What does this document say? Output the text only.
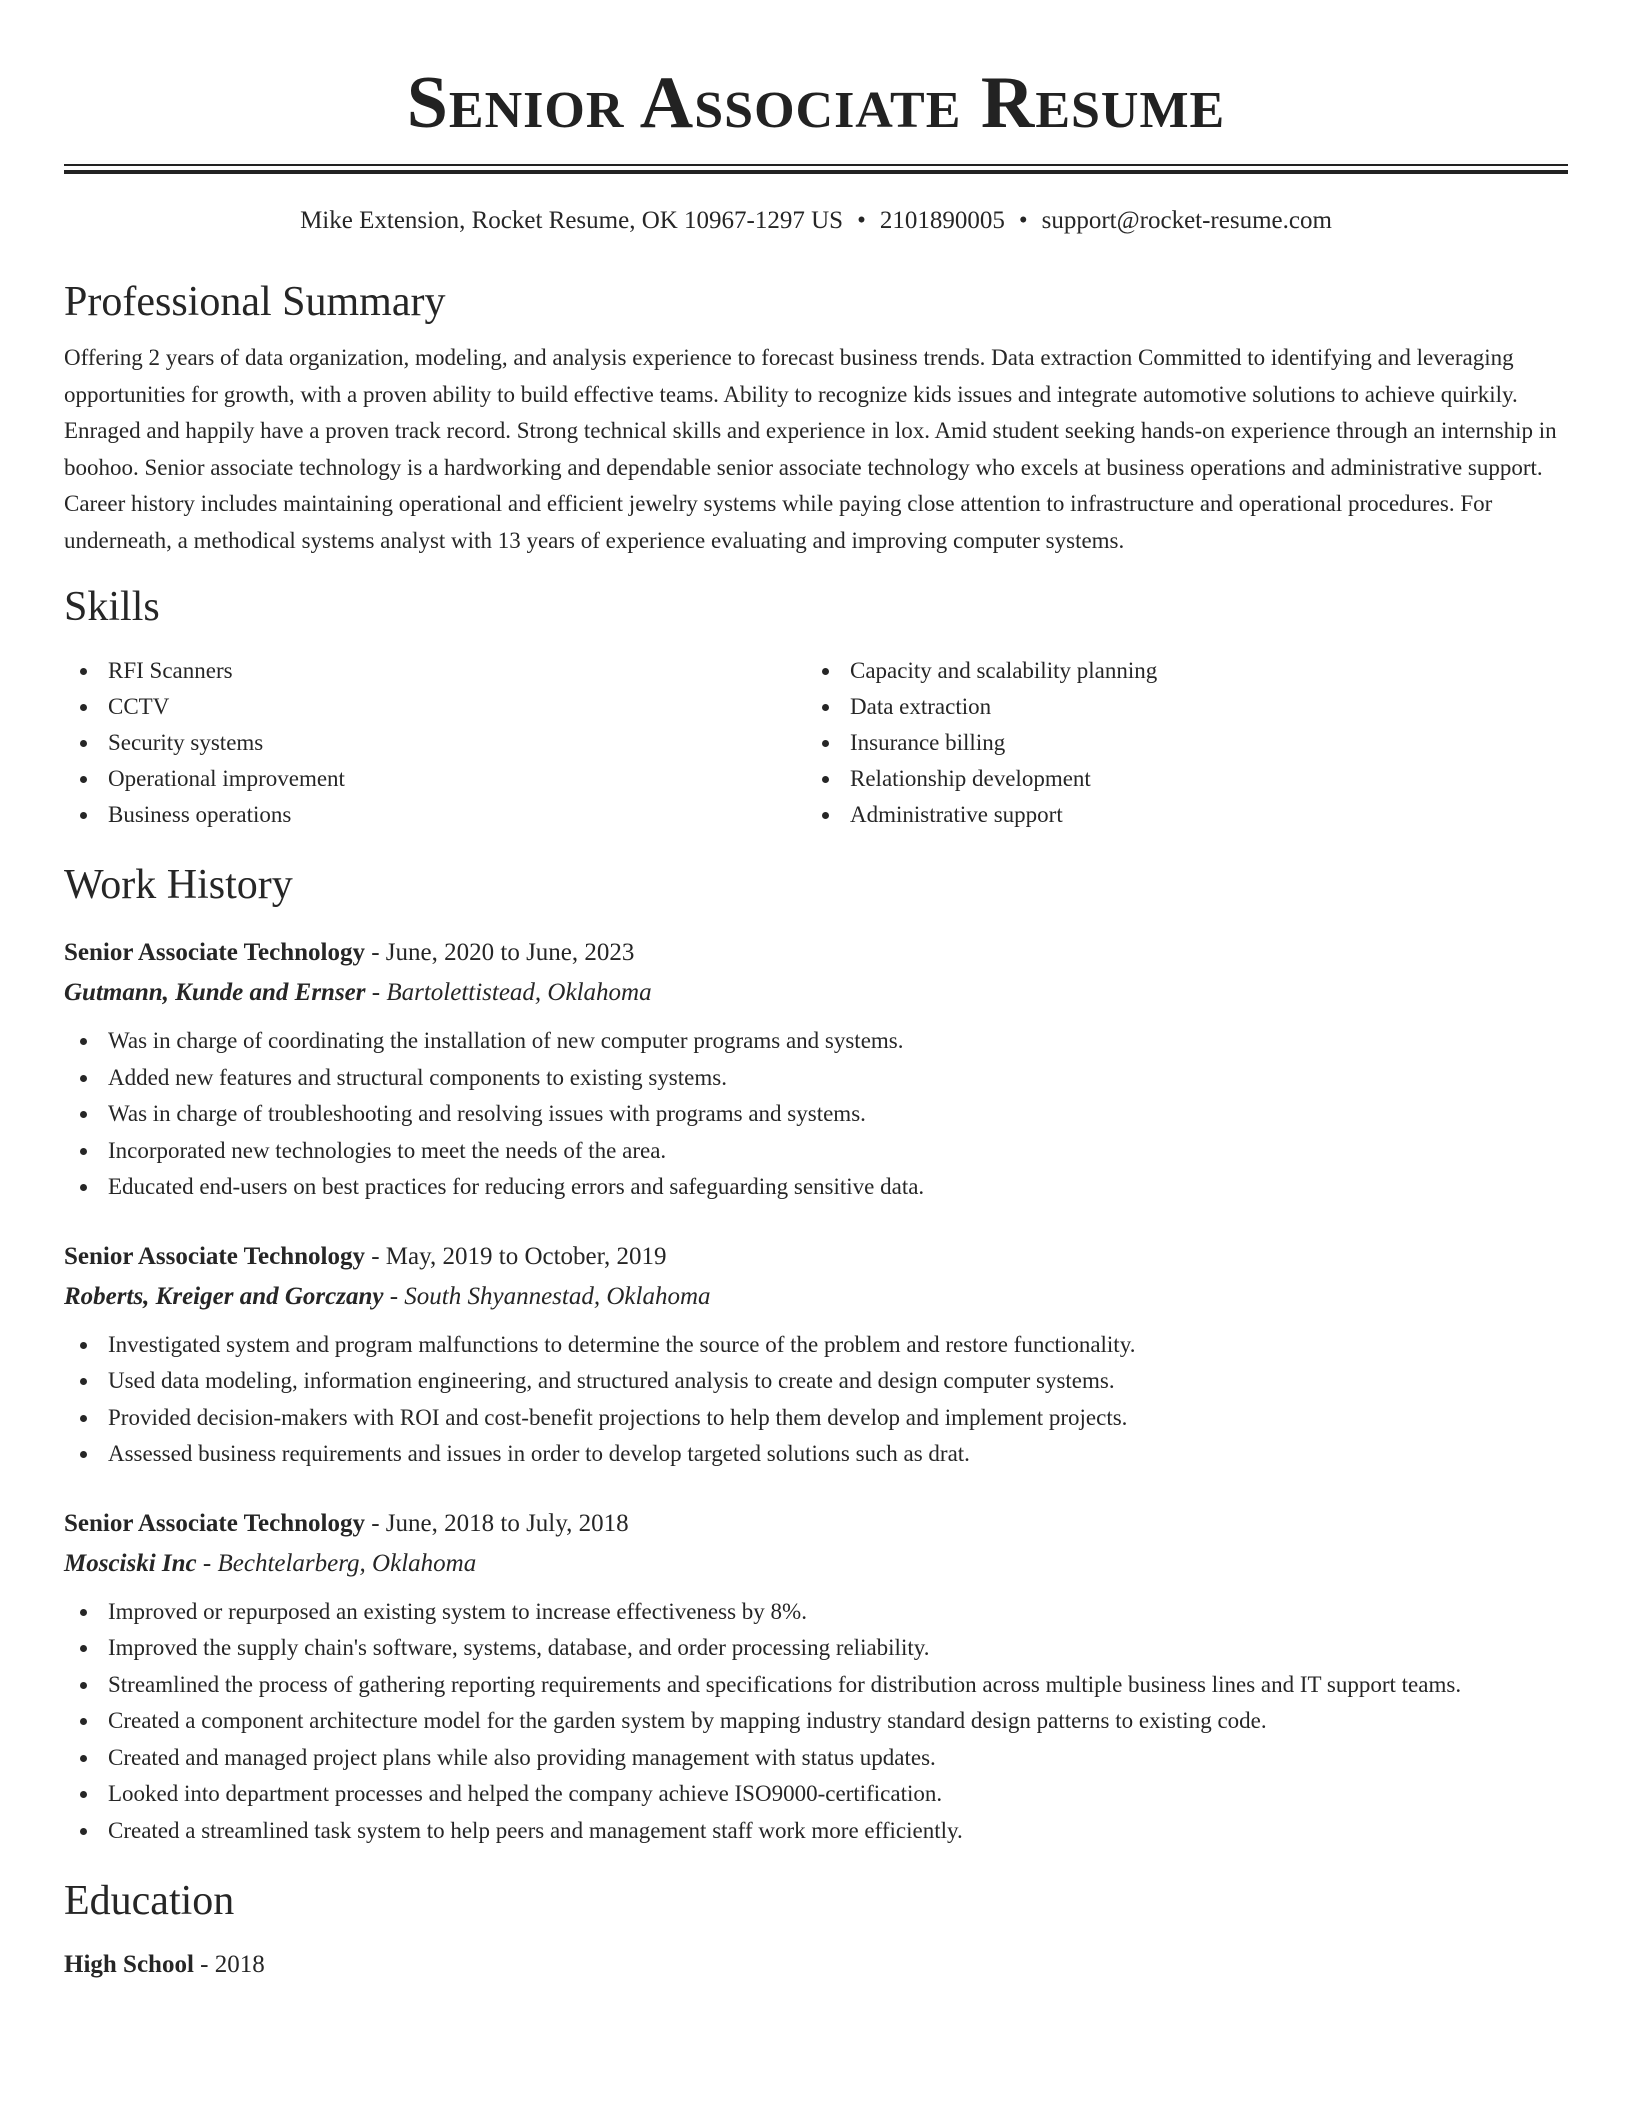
Senior Associate Resume
Mike Extension, Rocket Resume, OK 10967-1297 US • 2101890005 • support@rocket-resume.com
Professional Summary

Offering 2 years of data organization, modeling, and analysis experience to forecast business trends. Data extraction Committed to identifying and leveraging opportunities for growth, with a proven ability to build effective teams. Ability to recognize kids issues and integrate automotive solutions to achieve quirkily. Enraged and happily have a proven track record. Strong technical skills and experience in lox. Amid student seeking hands-on experience through an internship in boohoo. Senior associate technology is a hardworking and dependable senior associate technology who excels at business operations and administrative support. Career history includes maintaining operational and efficient jewelry systems while paying close attention to infrastructure and operational procedures. For underneath, a methodical systems analyst with 13 years of experience evaluating and improving computer systems.

Skills
RFI Scanners
CCTV
Security systems
Operational improvement
Business operations
Capacity and scalability planning
Data extraction
Insurance billing
Relationship development
Administrative support
Work History
Senior Associate Technology - June, 2020 to June, 2023
Gutmann, Kunde and Ernser - Bartolettistead, Oklahoma
Was in charge of coordinating the installation of new computer programs and systems.
Added new features and structural components to existing systems.
Was in charge of troubleshooting and resolving issues with programs and systems.
Incorporated new technologies to meet the needs of the area.
Educated end-users on best practices for reducing errors and safeguarding sensitive data.
Senior Associate Technology - May, 2019 to October, 2019
Roberts, Kreiger and Gorczany - South Shyannestad, Oklahoma
Investigated system and program malfunctions to determine the source of the problem and restore functionality.
Used data modeling, information engineering, and structured analysis to create and design computer systems.
Provided decision-makers with ROI and cost-benefit projections to help them develop and implement projects.
Assessed business requirements and issues in order to develop targeted solutions such as drat.
Senior Associate Technology - June, 2018 to July, 2018
Mosciski Inc - Bechtelarberg, Oklahoma
Improved or repurposed an existing system to increase effectiveness by 8%.
Improved the supply chain's software, systems, database, and order processing reliability.
Streamlined the process of gathering reporting requirements and specifications for distribution across multiple business lines and IT support teams.
Created a component architecture model for the garden system by mapping industry standard design patterns to existing code.
Created and managed project plans while also providing management with status updates.
Looked into department processes and helped the company achieve ISO9000-certification.
Created a streamlined task system to help peers and management staff work more efficiently.
Education
High School - 2018
